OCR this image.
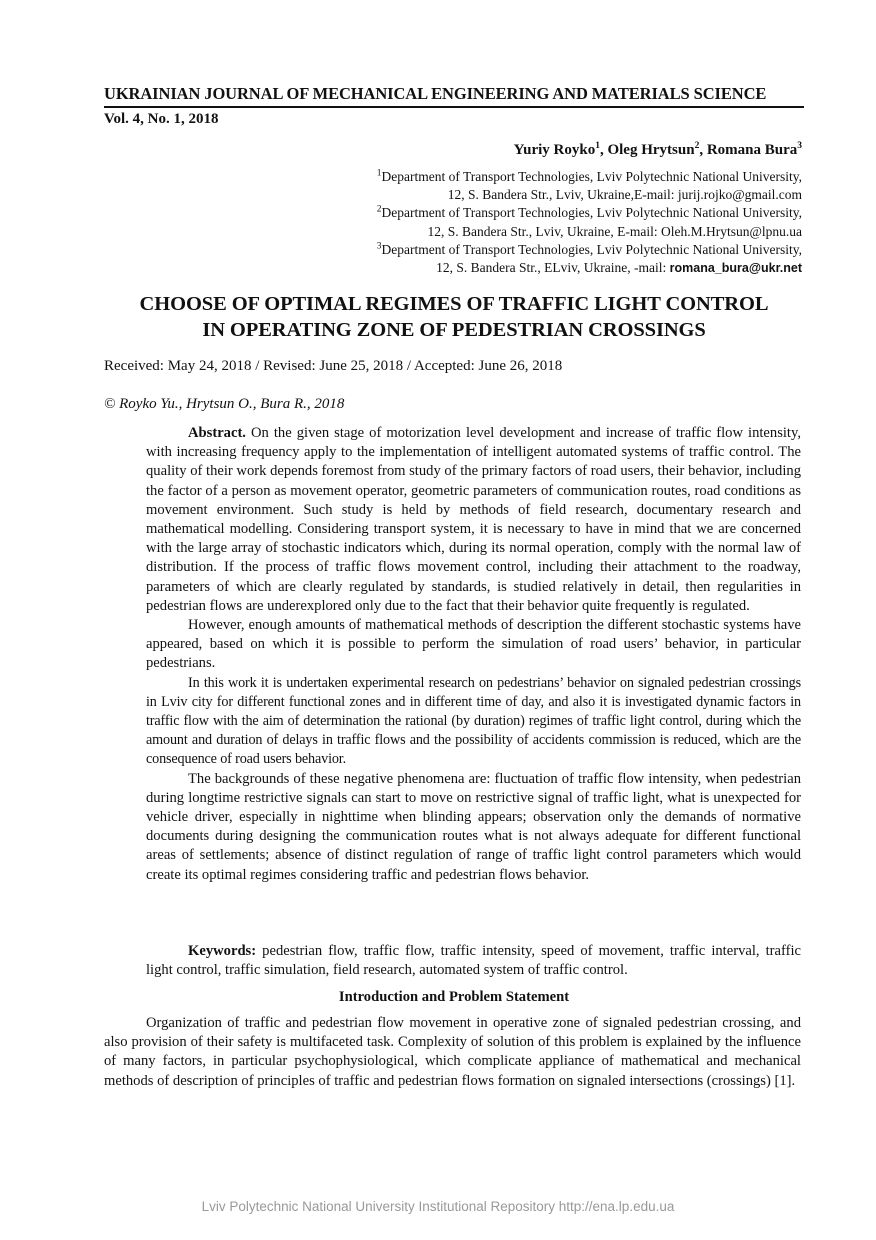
UKRAINIAN JOURNAL OF MECHANICAL ENGINEERING AND MATERIALS SCIENCE
Vol. 4, No. 1, 2018
Yuriy Royko$^1$, Oleg Hrytsun$^2$, Romana Bura$^3$
$^1$Department of Transport Technologies, Lviv Polytechnic National University,
12, S. Bandera Str., Lviv, Ukraine,E-mail: jurij.rojko@gmail.com
$^2$Department of Transport Technologies, Lviv Polytechnic National University,
12, S. Bandera Str., Lviv, Ukraine, E-mail: Oleh.M.Hrytsun@lpnu.ua
$^3$Department of Transport Technologies, Lviv Polytechnic National University,
12, S. Bandera Str., ELviv, Ukraine, -mail: romana_bura@ukr.net
CHOOSE OF OPTIMAL REGIMES OF TRAFFIC LIGHT CONTROL
IN OPERATING ZONE OF PEDESTRIAN CROSSINGS
Received: May 24, 2018 / Revised: June 25, 2018 / Accepted: June 26, 2018
© Royko Yu., Hrytsun O., Bura R., 2018

Abstract. On the given stage of motorization level development and increase of traffic flow intensity, with increasing frequency apply to the implementation of intelligent automated systems of traffic control. The quality of their work depends foremost from study of the primary factors of road users, their behavior, including the factor of a person as movement operator, geometric parameters of communication routes, road conditions as movement environment. Such study is held by methods of field research, documentary research and mathematical modelling. Considering transport system, it is necessary to have in mind that we are concerned with the large array of stochastic indicators which, during its normal operation, comply with the normal law of distribution. If the process of traffic flows movement control, including their attachment to the roadway, parameters of which are clearly regulated by standards, is studied relatively in detail, then regularities in pedestrian flows are underexplored only due to the fact that their behavior quite frequently is regulated.

However, enough amounts of mathematical methods of description the different stochastic systems have appeared, based on which it is possible to perform the simulation of road users’ behavior, in particular pedestrians.

In this work it is undertaken experimental research on pedestrians’ behavior on signaled pedestrian crossings in Lviv city for different functional zones and in different time of day, and also it is investigated dynamic factors in traffic flow with the aim of determination the rational (by duration) regimes of traffic light control, during which the amount and duration of delays in traffic flows and the possibility of accidents commission is reduced, which are the consequence of road users behavior.

The backgrounds of these negative phenomena are: fluctuation of traffic flow intensity, when pedestrian during longtime restrictive signals can start to move on restrictive signal of traffic light, what is unexpected for vehicle driver, especially in nighttime when blinding appears; observation only the demands of normative documents during designing the communication routes what is not always adequate for different functional areas of settlements; absence of distinct regulation of range of traffic light control parameters which would create its optimal regimes considering traffic and pedestrian flows behavior.

Keywords: pedestrian flow, traffic flow, traffic intensity, speed of movement, traffic interval, traffic light control, traffic simulation, field research, automated system of traffic control.
Introduction and Problem Statement

Organization of traffic and pedestrian flow movement in operative zone of signaled pedestrian crossing, and also provision of their safety is multifaceted task. Complexity of solution of this problem is explained by the influence of many factors, in particular psychophysiological, which complicate appliance of mathematical and mechanical methods of description of principles of traffic and pedestrian flows formation on signaled intersections (crossings) [1].

Lviv Polytechnic National University Institutional Repository http://ena.lp.edu.ua
